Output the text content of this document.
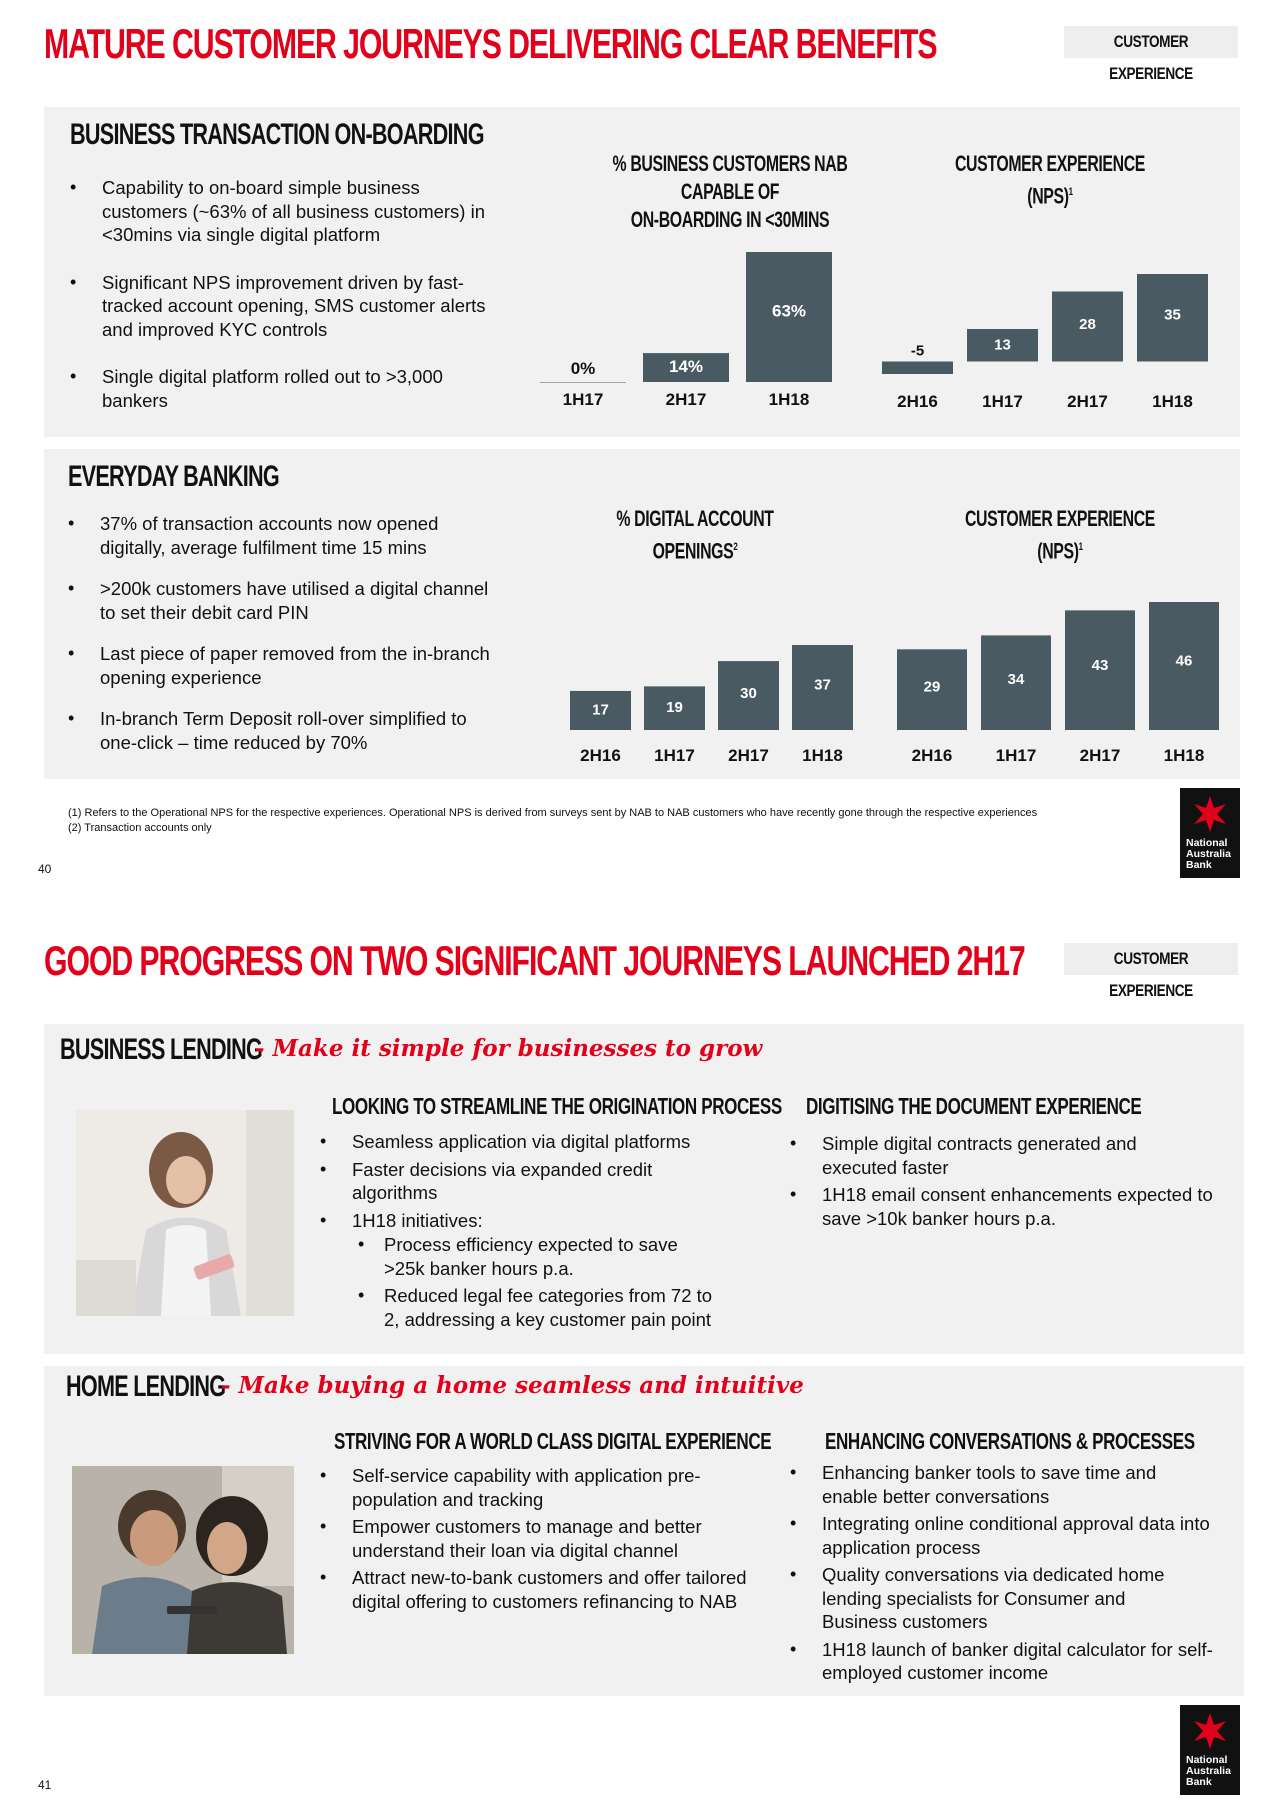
MATURE CUSTOMER JOURNEYS DELIVERING CLEAR BENEFITS	CUSTOMER EXPERIENCE
BUSINESS TRANSACTION ON-BOARDING
• Capability to on-board simple business customers (~63% of all business customers) in <30mins via single digital platform
• Significant NPS improvement driven by fast-tracked account opening, SMS customer alerts and improved KYC controls
• Single digital platform rolled out to >3,000 bankers
% BUSINESS CUSTOMERS NAB CAPABLE OF
ON-BOARDING IN <30MINS
CUSTOMER EXPERIENCE (NPS)$^1$
0%
1H17
14%
2H17
63%
1H18
-5
2H16
13
1H17
28
2H17
35
1H18
EVERYDAY BANKING
• 37% of transaction accounts now opened digitally, average fulfilment time 15 mins
• >200k customers have utilised a digital channel to set their debit card PIN
• Last piece of paper removed from the in-branch opening experience
• In-branch Term Deposit roll-over simplified to one-click – time reduced by 70%
% DIGITAL ACCOUNT OPENINGS$^2$
CUSTOMER EXPERIENCE (NPS)$^1$
17
2H16
19
1H17
30
2H17
37
1H18
29
2H16
34
1H17
43
2H17
46
1H18
(1) Refers to the Operational NPS for the respective experiences. Operational NPS is derived from surveys sent by NAB to NAB customers who have recently gone through the respective experiences
(2) Transaction accounts only
40
National
Australia
Bank
GOOD PROGRESS ON TWO SIGNIFICANT JOURNEYS LAUNCHED 2H17	CUSTOMER EXPERIENCE
BUSINESS LENDING
- Make it simple for businesses to grow
LOOKING TO STREAMLINE THE ORIGINATION PROCESS
• Seamless application via digital platforms
• Faster decisions via expanded credit algorithms
• 1H18 initiatives:
• Process efficiency expected to save >25k banker hours p.a.
• Reduced legal fee categories from 72 to 2, addressing a key customer pain point
DIGITISING THE DOCUMENT EXPERIENCE
• Simple digital contracts generated and executed faster
• 1H18 email consent enhancements expected to save >10k banker hours p.a.
HOME LENDING
- Make buying a home seamless and intuitive
STRIVING FOR A WORLD CLASS DIGITAL EXPERIENCE
• Self-service capability with application pre-population and tracking
• Empower customers to manage and better understand their loan via digital channel
• Attract new-to-bank customers and offer tailored digital offering to customers refinancing to NAB
ENHANCING CONVERSATIONS & PROCESSES
• Enhancing banker tools to save time and enable better conversations
• Integrating online conditional approval data into application process
• Quality conversations via dedicated home lending specialists for Consumer and Business customers
• 1H18 launch of banker digital calculator for self-employed customer income
41
National
Australia
Bank
